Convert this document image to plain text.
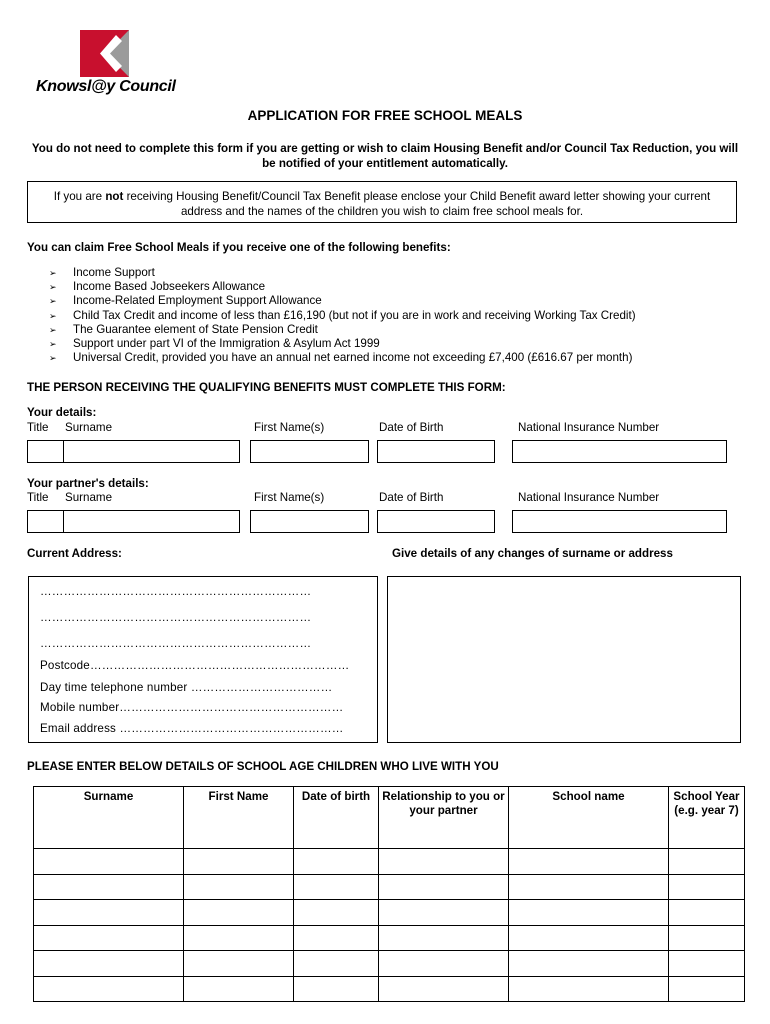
Knowsl@y Council
APPLICATION FOR FREE SCHOOL MEALS
You do not need to complete this form if you are getting or wish to claim Housing Benefit and/or Council Tax Reduction, you will be notified of your entitlement automatically.
If you are not receiving Housing Benefit/Council Tax Benefit please enclose your Child Benefit award letter showing your current address and the names of the children you wish to claim free school meals for.
You can claim Free School Meals if you receive one of the following benefits:
➢	Income Support
➢	Income Based Jobseekers Allowance
➢	Income-Related Employment Support Allowance
➢	Child Tax Credit and income of less than £16,190 (but not if you are in work and receiving Working Tax Credit)
➢	The Guarantee element of State Pension Credit
➢	Support under part VI of the Immigration & Asylum Act 1999
➢	Universal Credit, provided you have an annual net earned income not exceeding £7,400 (£616.67 per month)
THE PERSON RECEIVING THE QUALIFYING BENEFITS MUST COMPLETE THIS FORM:
Your details:
Title Surname	First Name(s)	Date of Birth	National Insurance Number
Your partner's details:
Title Surname	First Name(s)	Date of Birth	National Insurance Number
Current Address:	Give details of any changes of surname or address
……………………………………………………………
……………………………………………………………
……………………………………………………………
Postcode…………………………………………………………
Day time telephone number ………………………………
Mobile number…………………………………………………
Email address …………………………………………………
PLEASE ENTER BELOW DETAILS OF SCHOOL AGE CHILDREN WHO LIVE WITH YOU
Surname	First Name	Date of birth	Relationship to you or your partner	School name	School Year (e.g. year 7)
